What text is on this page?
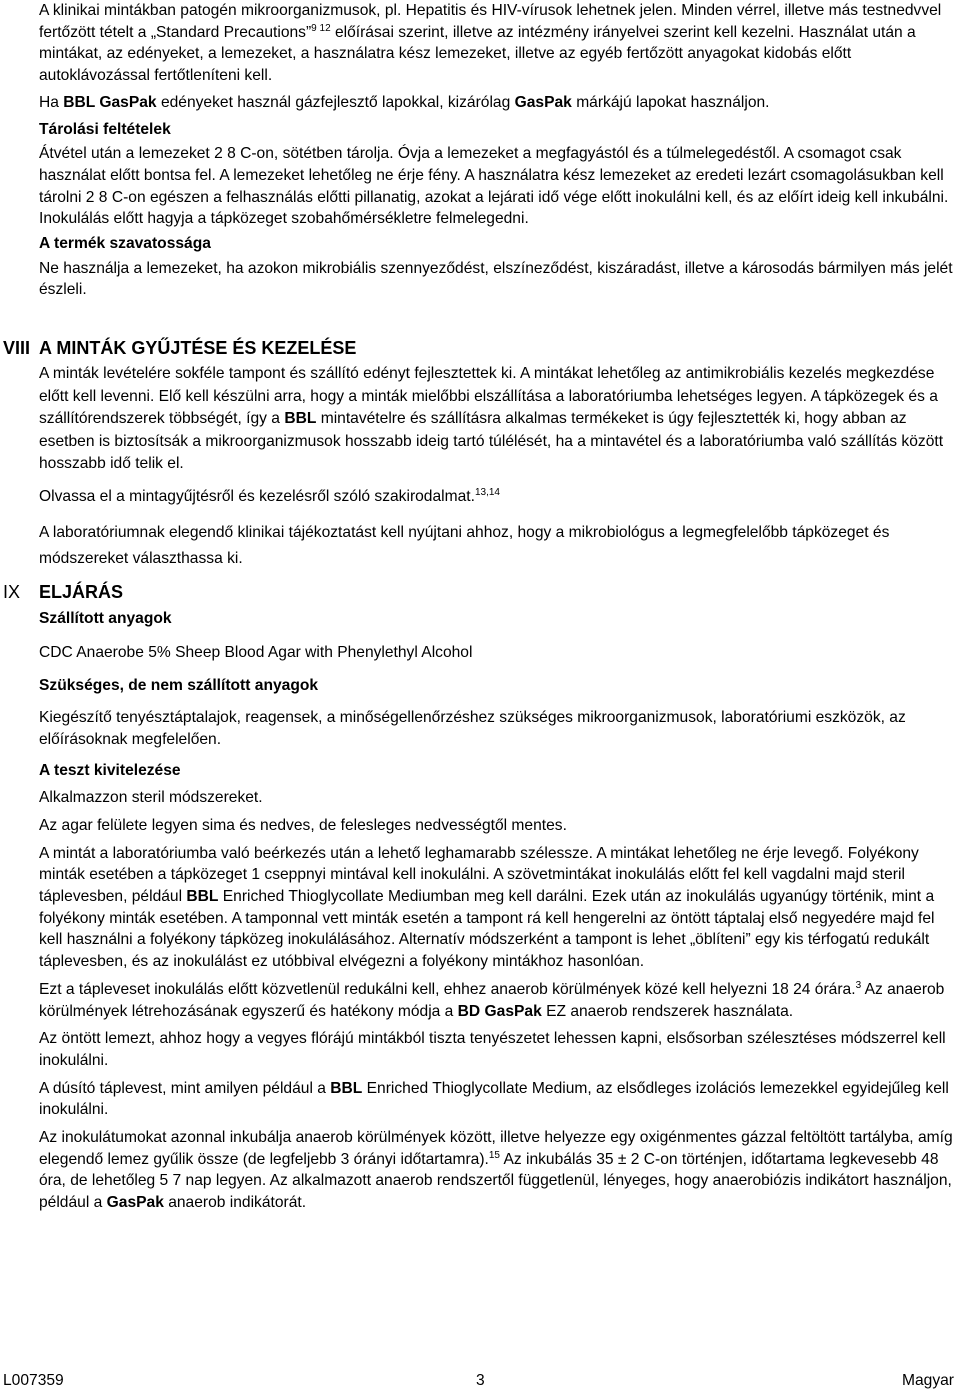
A klinikai mintákban patogén mikroorganizmusok, pl. Hepatitis és HIV-vírusok lehetnek jelen. Minden vérrel, illetve más testnedvvel fertőzött tételt a „Standard Precautions”$^{9 12}$ előírásai szerint, illetve az intézmény irányelvei szerint kell kezelni. Használat után a mintákat, az edényeket, a lemezeket, a használatra kész lemezeket, illetve az egyéb fertőzött anyagokat kidobás előtt autoklávozással fertőtleníteni kell.

Ha BBL GasPak edényeket használ gázfejlesztő lapokkal, kizárólag GasPak márkájú lapokat használjon.

Tárolási feltételek

Átvétel után a lemezeket 2 8 C-on, sötétben tárolja. Óvja a lemezeket a megfagyástól és a túlmelegedéstől. A csomagot csak használat előtt bontsa fel. A lemezeket lehetőleg ne érje fény. A használatra kész lemezeket az eredeti lezárt csomagolásukban kell tárolni 2 8 C-on egészen a felhasználás előtti pillanatig, azokat a lejárati idő vége előtt inokulálni kell, és az előírt ideig kell inkubálni. Inokulálás előtt hagyja a tápközeget szobahőmérsékletre felmelegedni.

A termék szavatossága

Ne használja a lemezeket, ha azokon mikrobiális szennyeződést, elszíneződést, kiszáradást, illetve a károsodás bármilyen más jelét észleli.

VIII A MINTÁK GYŰJTÉSE ÉS KEZELÉSE

A minták levételére sokféle tampont és szállító edényt fejlesztettek ki. A mintákat lehetőleg az antimikrobiális kezelés megkezdése előtt kell levenni. Elő kell készülni arra, hogy a minták mielőbbi elszállítása a laboratóriumba lehetséges legyen. A tápközegek és a szállítórendszerek többségét, így a BBL mintavételre és szállításra alkalmas termékeket is úgy fejlesztették ki, hogy abban az esetben is biztosítsák a mikroorganizmusok hosszabb ideig tartó túlélését, ha a mintavétel és a laboratóriumba való szállítás között hosszabb idő telik el.

Olvassa el a mintagyűjtésről és kezelésről szóló szakirodalmat.$^{13,14}$

A laboratóriumnak elegendő klinikai tájékoztatást kell nyújtani ahhoz, hogy a mikrobiológus a legmegfelelőbb tápközeget és módszereket választhassa ki.

IX ELJÁRÁS

Szállított anyagok

CDC Anaerobe 5% Sheep Blood Agar with Phenylethyl Alcohol

Szükséges, de nem szállított anyagok

Kiegészítő tenyésztáptalajok, reagensek, a minőségellenőrzéshez szükséges mikroorganizmusok, laboratóriumi eszközök, az előírásoknak megfelelően.

A teszt kivitelezése

Alkalmazzon steril módszereket.

Az agar felülete legyen sima és nedves, de felesleges nedvességtől mentes.

A mintát a laboratóriumba való beérkezés után a lehető leghamarabb szélessze. A mintákat lehetőleg ne érje levegő. Folyékony minták esetében a tápközeget 1 cseppnyi mintával kell inokulálni. A szövetmintákat inokulálás előtt fel kell vagdalni majd steril táplevesben, például BBL Enriched Thioglycollate Mediumban meg kell darálni. Ezek után az inokulálás ugyanúgy történik, mint a folyékony minták esetében. A tamponnal vett minták esetén a tampont rá kell hengerelni az öntött táptalaj első negyedére majd fel kell használni a folyékony tápközeg inokulálásához. Alternatív módszerként a tampont is lehet „öblíteni” egy kis térfogatú redukált táplevesben, és az inokulálást ez utóbbival elvégezni a folyékony mintákhoz hasonlóan.

Ezt a tápleveset inokulálás előtt közvetlenül redukálni kell, ehhez anaerob körülmények közé kell helyezni 18 24 órára.$^3$ Az anaerob körülmények létrehozásának egyszerű és hatékony módja a BD GasPak EZ anaerob rendszerek használata.

Az öntött lemezt, ahhoz hogy a vegyes flórájú mintákból tiszta tenyészetet lehessen kapni, elsősorban szélesztéses módszerrel kell inokulálni.

A dúsító táplevest, mint amilyen például a BBL Enriched Thioglycollate Medium, az elsődleges izolációs lemezekkel egyidejűleg kell inokulálni.

Az inokulátumokat azonnal inkubálja anaerob körülmények között, illetve helyezze egy oxigénmentes gázzal feltöltött tartályba, amíg elegendő lemez gyűlik össze (de legfeljebb 3 órányi időtartamra).$^{15}$ Az inkubálás 35 ± 2 C-on történjen, időtartama legkevesebb 48 óra, de lehetőleg 5 7 nap legyen. Az alkalmazott anaerob rendszertől függetlenül, lényeges, hogy anaerobiózis indikátort használjon, például a GasPak anaerob indikátorát.

L007359	3	Magyar
